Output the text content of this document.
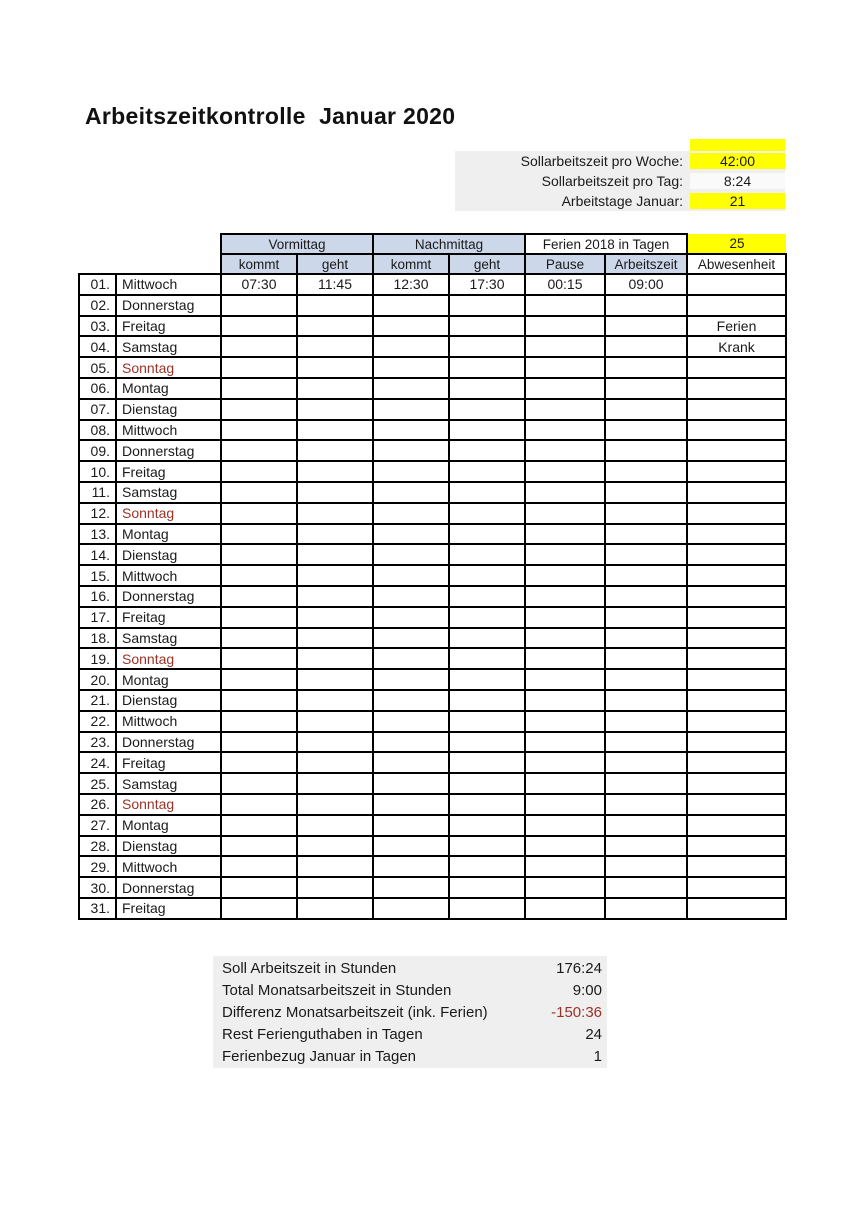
Arbeitszeitkontrolle  Januar 2020
Sollarbeitszeit pro Woche:	42:00
Sollarbeitszeit pro Tag:	8:24
Arbeitstage Januar:	21
		Vormittag		Nachmittag		Ferien 2018 in Tagen		25
		kommt	geht	kommt	geht	Pause	Arbeitszeit	Abwesenheit
01.	Mittwoch	07:30	11:45	12:30	17:30	00:15	09:00	
02.	Donnerstag							
03.	Freitag							Ferien
04.	Samstag							Krank
05.	Sonntag							
06.	Montag							
07.	Dienstag							
08.	Mittwoch							
09.	Donnerstag							
10.	Freitag							
11.	Samstag							
12.	Sonntag							
13.	Montag							
14.	Dienstag							
15.	Mittwoch							
16.	Donnerstag							
17.	Freitag							
18.	Samstag							
19.	Sonntag							
20.	Montag							
21.	Dienstag							
22.	Mittwoch							
23.	Donnerstag							
24.	Freitag							
25.	Samstag							
26.	Sonntag							
27.	Montag							
28.	Dienstag							
29.	Mittwoch							
30.	Donnerstag							
31.	Freitag							
Soll Arbeitszeit in Stunden	176:24
Total Monatsarbeitszeit in Stunden	9:00
Differenz Monatsarbeitszeit (ink. Ferien)	-150:36
Rest Ferienguthaben in Tagen	24
Ferienbezug Januar in Tagen	1
